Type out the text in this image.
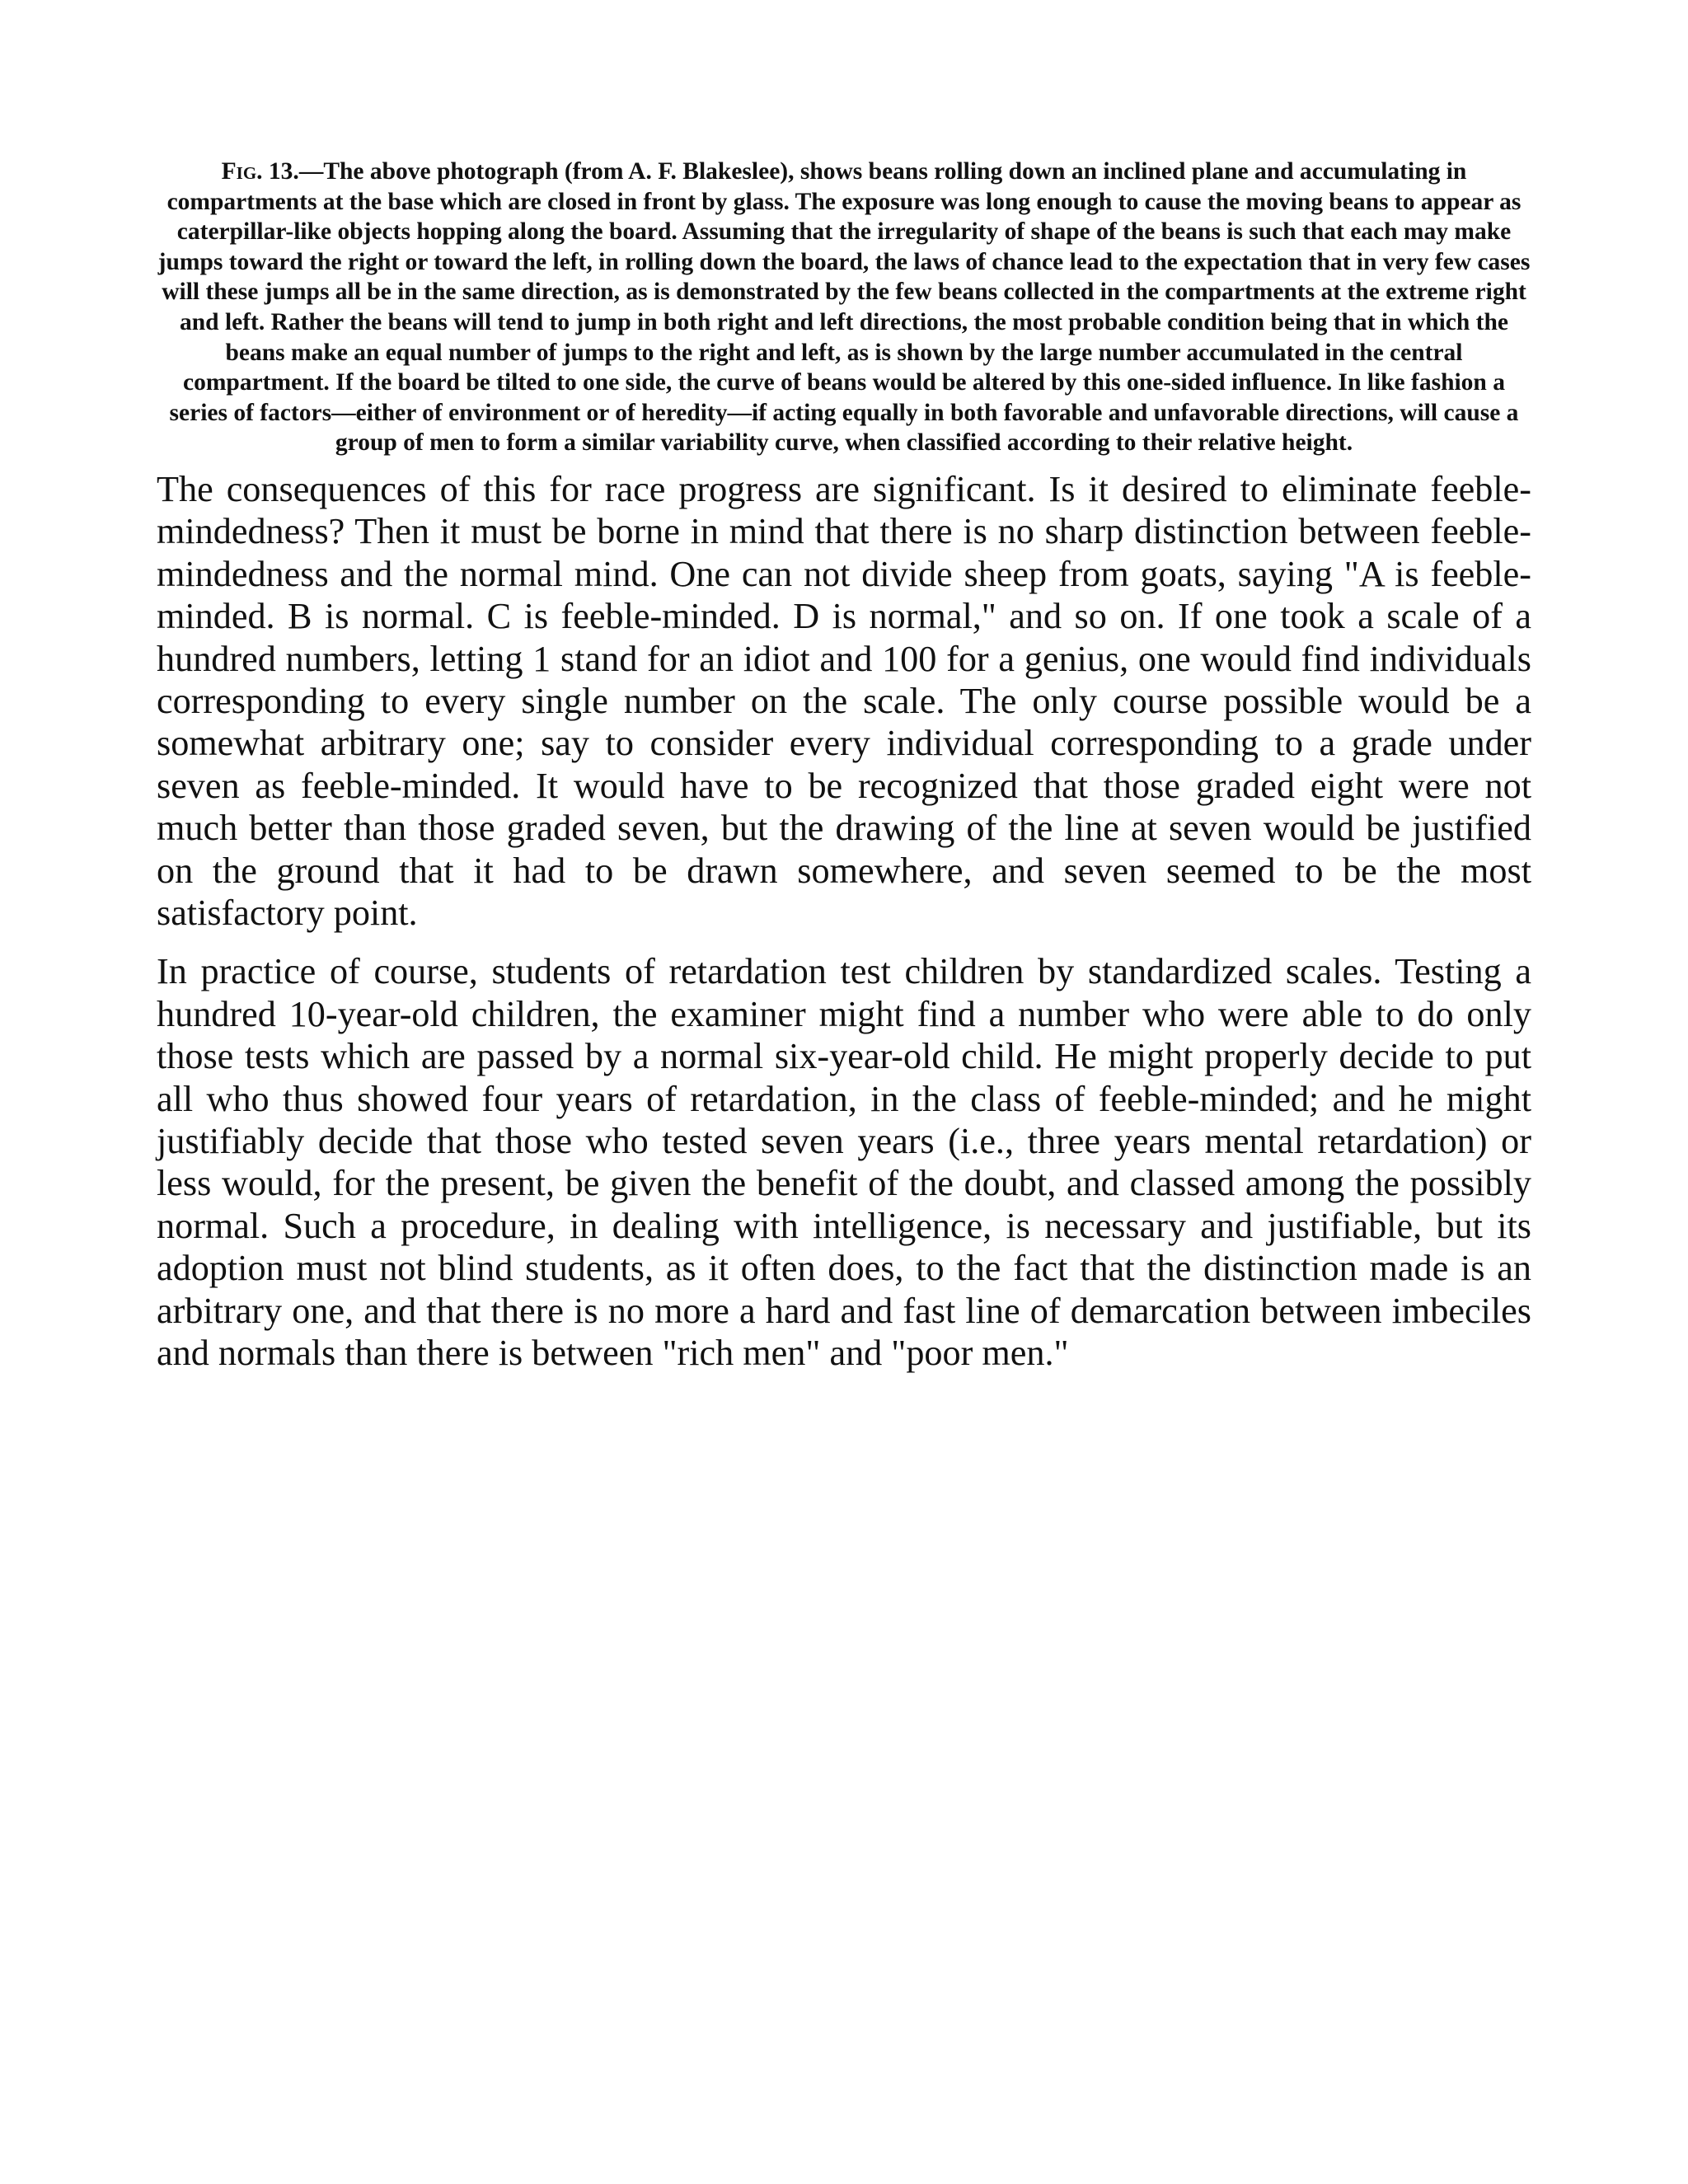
Fig. 13.—The above photograph (from A. F. Blakeslee), shows beans rolling down an inclined plane and accumulating in compartments at the base which are closed in front by glass. The exposure was long enough to cause the moving beans to appear as caterpillar-like objects hopping along the board. Assuming that the irregularity of shape of the beans is such that each may make jumps toward the right or toward the left, in rolling down the board, the laws of chance lead to the expectation that in very few cases will these jumps all be in the same direction, as is demonstrated by the few beans collected in the compartments at the extreme right and left. Rather the beans will tend to jump in both right and left directions, the most probable condition being that in which the beans make an equal number of jumps to the right and left, as is shown by the large number accumulated in the central compartment. If the board be tilted to one side, the curve of beans would be altered by this one-sided influence. In like fashion a series of factors—either of environment or of heredity—if acting equally in both favorable and unfavorable directions, will cause a group of men to form a similar variability curve, when classified according to their relative height.

The consequences of this for race progress are significant. Is it desired to eliminate feeble-mindedness? Then it must be borne in mind that there is no sharp distinction between feeble-mindedness and the normal mind. One can not divide sheep from goats, saying "A is feeble-minded. B is normal. C is feeble-minded. D is normal," and so on. If one took a scale of a hundred numbers, letting 1 stand for an idiot and 100 for a genius, one would find individuals corresponding to every single number on the scale. The only course possible would be a somewhat arbitrary one; say to consider every individual corresponding to a grade under seven as feeble-minded. It would have to be recognized that those graded eight were not much better than those graded seven, but the drawing of the line at seven would be justified on the ground that it had to be drawn somewhere, and seven seemed to be the most satisfactory point.

In practice of course, students of retardation test children by standardized scales. Testing a hundred 10-year-old children, the examiner might find a number who were able to do only those tests which are passed by a normal six-year-old child. He might properly decide to put all who thus showed four years of retardation, in the class of feeble-minded; and he might justifiably decide that those who tested seven years (i.e., three years mental retardation) or less would, for the present, be given the benefit of the doubt, and classed among the possibly normal. Such a procedure, in dealing with intelligence, is necessary and justifiable, but its adoption must not blind students, as it often does, to the fact that the distinction made is an arbitrary one, and that there is no more a hard and fast line of demarcation between imbeciles and normals than there is between "rich men" and "poor men."
